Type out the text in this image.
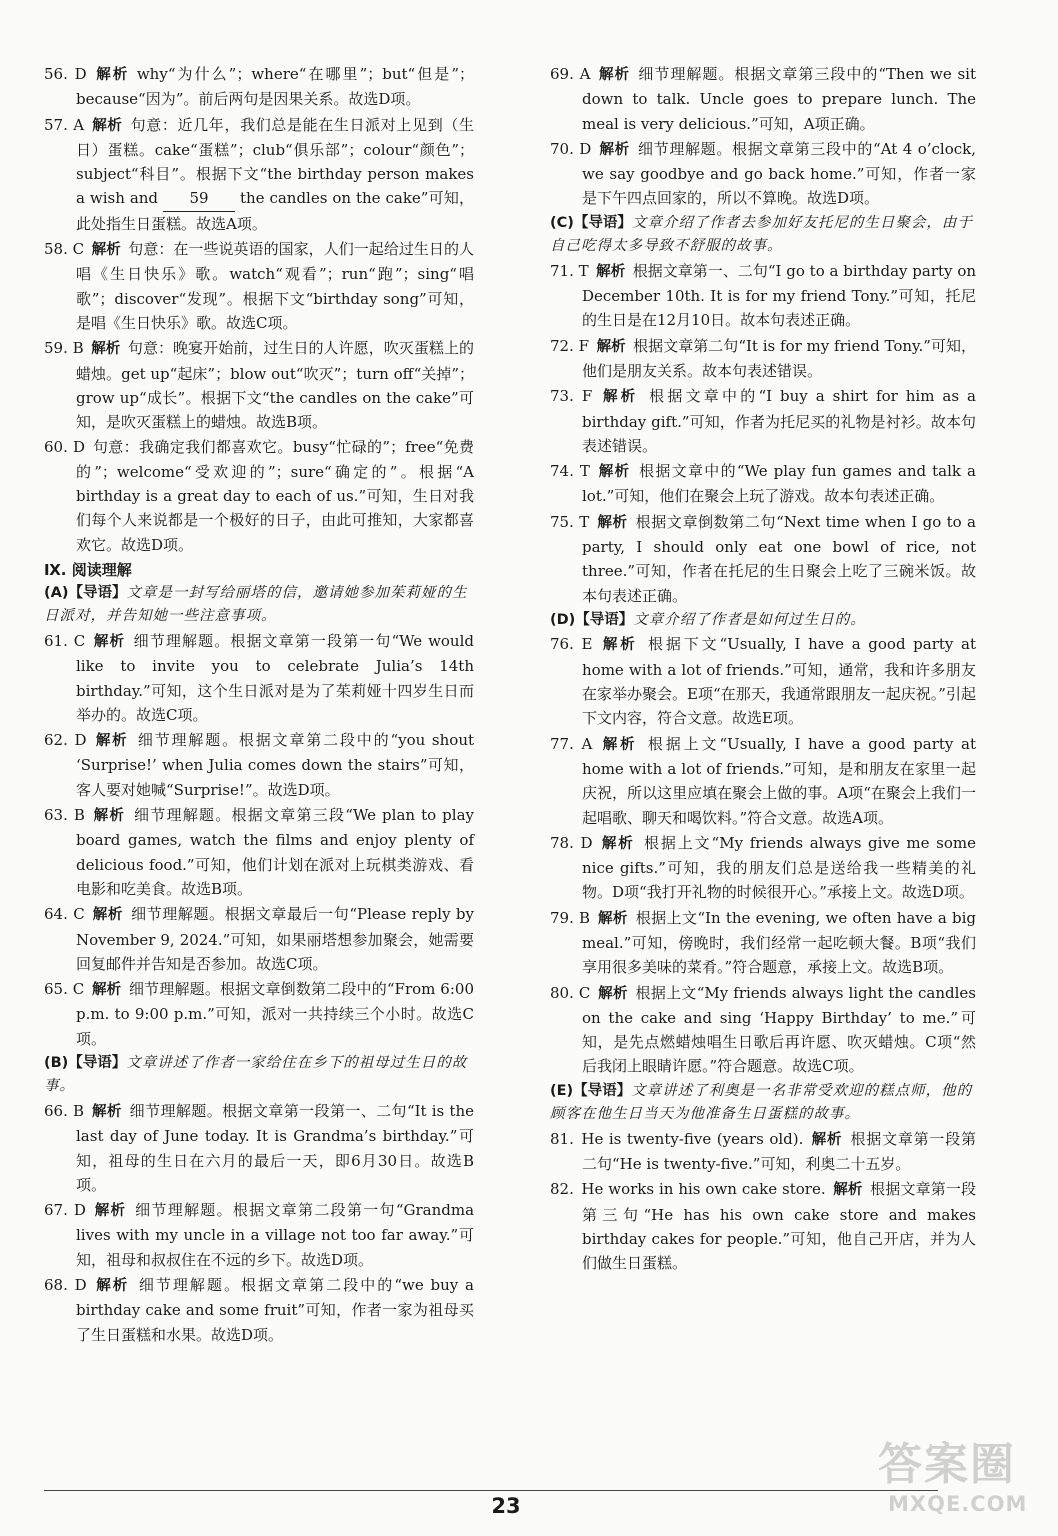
56. D  解析  why“为什么”；where“在哪里”；but“但是”；because“因为”。前后两句是因果关系。故选D项。
57. A  解析  句意：近几年，我们总是能在生日派对上见到（生日）蛋糕。cake“蛋糕”；club“俱乐部”；colour“颜色”；subject“科目”。根据下文“the birthday person makes a wish and 59 the candles on the cake”可知，此处指生日蛋糕。故选A项。
58. C  解析  句意：在一些说英语的国家，人们一起给过生日的人唱《生日快乐》歌。watch“观看”；run“跑”；sing“唱歌”；discover“发现”。根据下文“birthday song”可知，是唱《生日快乐》歌。故选C项。
59. B  解析  句意：晚宴开始前，过生日的人许愿，吹灭蛋糕上的蜡烛。get up“起床”；blow out“吹灭”；turn off“关掉”；grow up“成长”。根据下文“the candles on the cake”可知，是吹灭蛋糕上的蜡烛。故选B项。
60. D  句意：我确定我们都喜欢它。busy“忙碌的”；free“免费的”；welcome“受欢迎的”；sure“确定的”。根据“A birthday is a great day to each of us.”可知，生日对我们每个人来说都是一个极好的日子，由此可推知，大家都喜欢它。故选D项。
Ⅸ. 阅读理解
(A)【导语】文章是一封写给丽塔的信，邀请她参加茱莉娅的生日派对，并告知她一些注意事项。
61. C  解析  细节理解题。根据文章第一段第一句“We would like to invite you to celebrate Julia’s 14th birthday.”可知，这个生日派对是为了茱莉娅十四岁生日而举办的。故选C项。
62. D  解析  细节理解题。根据文章第二段中的“you shout ‘Surprise!’ when Julia comes down the stairs”可知，客人要对她喊“Surprise!”。故选D项。
63. B  解析  细节理解题。根据文章第三段“We plan to play board games, watch the films and enjoy plenty of delicious food.”可知，他们计划在派对上玩棋类游戏、看电影和吃美食。故选B项。
64. C  解析  细节理解题。根据文章最后一句“Please reply by November 9, 2024.”可知，如果丽塔想参加聚会，她需要回复邮件并告知是否参加。故选C项。
65. C  解析  细节理解题。根据文章倒数第二段中的“From 6:00 p.m. to 9:00 p.m.”可知，派对一共持续三个小时。故选C项。
(B)【导语】文章讲述了作者一家给住在乡下的祖母过生日的故事。
66. B  解析  细节理解题。根据文章第一段第一、二句“It is the last day of June today. It is Grandma’s birthday.”可知，祖母的生日在六月的最后一天，即6月30日。故选B项。
67. D  解析  细节理解题。根据文章第二段第一句“Grandma lives with my uncle in a village not too far away.”可知，祖母和叔叔住在不远的乡下。故选D项。
68. D  解析  细节理解题。根据文章第二段中的“we buy a birthday cake and some fruit”可知，作者一家为祖母买了生日蛋糕和水果。故选D项。
69. A  解析  细节理解题。根据文章第三段中的“Then we sit down to talk. Uncle goes to prepare lunch. The meal is very delicious.”可知，A项正确。
70. D  解析  细节理解题。根据文章第三段中的“At 4 o’clock, we say goodbye and go back home.”可知，作者一家是下午四点回家的，所以不算晚。故选D项。
(C)【导语】文章介绍了作者去参加好友托尼的生日聚会，由于自己吃得太多导致不舒服的故事。
71. T  解析  根据文章第一、二句“I go to a birthday party on December 10th. It is for my friend Tony.”可知，托尼的生日是在12月10日。故本句表述正确。
72. F  解析  根据文章第二句“It is for my friend Tony.”可知，他们是朋友关系。故本句表述错误。
73. F  解析  根据文章中的“I buy a shirt for him as a birthday gift.”可知，作者为托尼买的礼物是衬衫。故本句表述错误。
74. T  解析  根据文章中的“We play fun games and talk a lot.”可知，他们在聚会上玩了游戏。故本句表述正确。
75. T  解析  根据文章倒数第二句“Next time when I go to a party, I should only eat one bowl of rice, not three.”可知，作者在托尼的生日聚会上吃了三碗米饭。故本句表述正确。
(D)【导语】文章介绍了作者是如何过生日的。
76. E  解析  根据下文“Usually, I have a good party at home with a lot of friends.”可知，通常，我和许多朋友在家举办聚会。E项“在那天，我通常跟朋友一起庆祝。”引起下文内容，符合文意。故选E项。
77. A  解析  根据上文“Usually, I have a good party at home with a lot of friends.”可知，是和朋友在家里一起庆祝，所以这里应填在聚会上做的事。A项“在聚会上我们一起唱歌、聊天和喝饮料。”符合文意。故选A项。
78. D  解析  根据上文“My friends always give me some nice gifts.”可知，我的朋友们总是送给我一些精美的礼物。D项“我打开礼物的时候很开心。”承接上文。故选D项。
79. B  解析  根据上文“In the evening, we often have a big meal.”可知，傍晚时，我们经常一起吃顿大餐。B项“我们享用很多美味的菜肴。”符合题意，承接上文。故选B项。
80. C  解析  根据上文“My friends always light the candles on the cake and sing ‘Happy Birthday’ to me.”可知，是先点燃蜡烛唱生日歌后再许愿、吹灭蜡烛。C项“然后我闭上眼睛许愿。”符合题意。故选C项。
(E)【导语】文章讲述了利奥是一名非常受欢迎的糕点师，他的顾客在他生日当天为他准备生日蛋糕的故事。
81.  He is twenty-five (years old).  解析  根据文章第一段第二句“He is twenty-five.”可知，利奥二十五岁。
82.  He works in his own cake store.  解析  根据文章第一段第三句“He has his own cake store and makes birthday cakes for people.”可知，他自己开店，并为人们做生日蛋糕。
23
答案圈
MXQE.COM
